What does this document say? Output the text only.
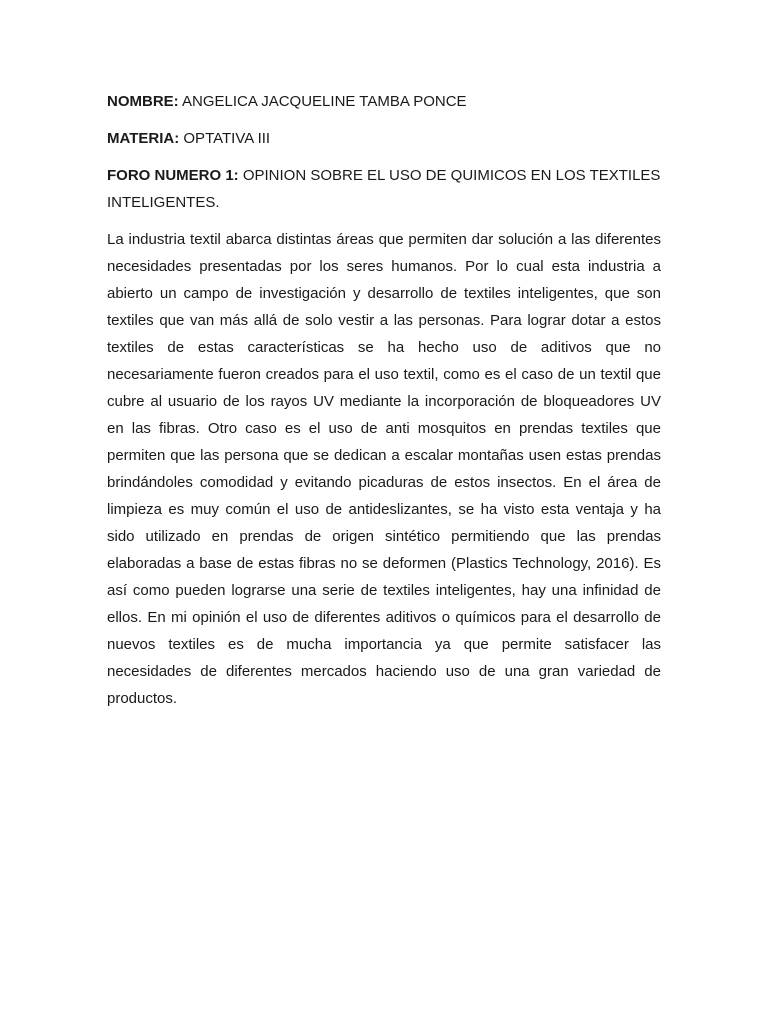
NOMBRE: ANGELICA JACQUELINE TAMBA PONCE

MATERIA: OPTATIVA III

FORO NUMERO 1: OPINION SOBRE EL USO DE QUIMICOS EN LOS TEXTILES INTELIGENTES.

La industria textil abarca distintas áreas que permiten dar solución a las diferentes necesidades presentadas por los seres humanos. Por lo cual esta industria a abierto un campo de investigación y desarrollo de textiles inteligentes, que son textiles que van más allá de solo vestir a las personas. Para lograr dotar a estos textiles de estas características se ha hecho uso de aditivos que no necesariamente fueron creados para el uso textil, como es el caso de un textil que cubre al usuario de los rayos UV mediante la incorporación de bloqueadores UV en las fibras. Otro caso es el uso de anti mosquitos en prendas textiles que permiten que las persona que se dedican a escalar montañas usen estas prendas brindándoles comodidad y evitando picaduras de estos insectos. En el área de limpieza es muy común el uso de antideslizantes, se ha visto esta ventaja y ha sido utilizado en prendas de origen sintético permitiendo que las prendas elaboradas a base de estas fibras no se deformen (Plastics Technology, 2016). Es así como pueden lograrse una serie de textiles inteligentes, hay una infinidad de ellos. En mi opinión el uso de diferentes aditivos o químicos para el desarrollo de nuevos textiles es de mucha importancia ya que permite satisfacer las necesidades de diferentes mercados haciendo uso de una gran variedad de productos.
